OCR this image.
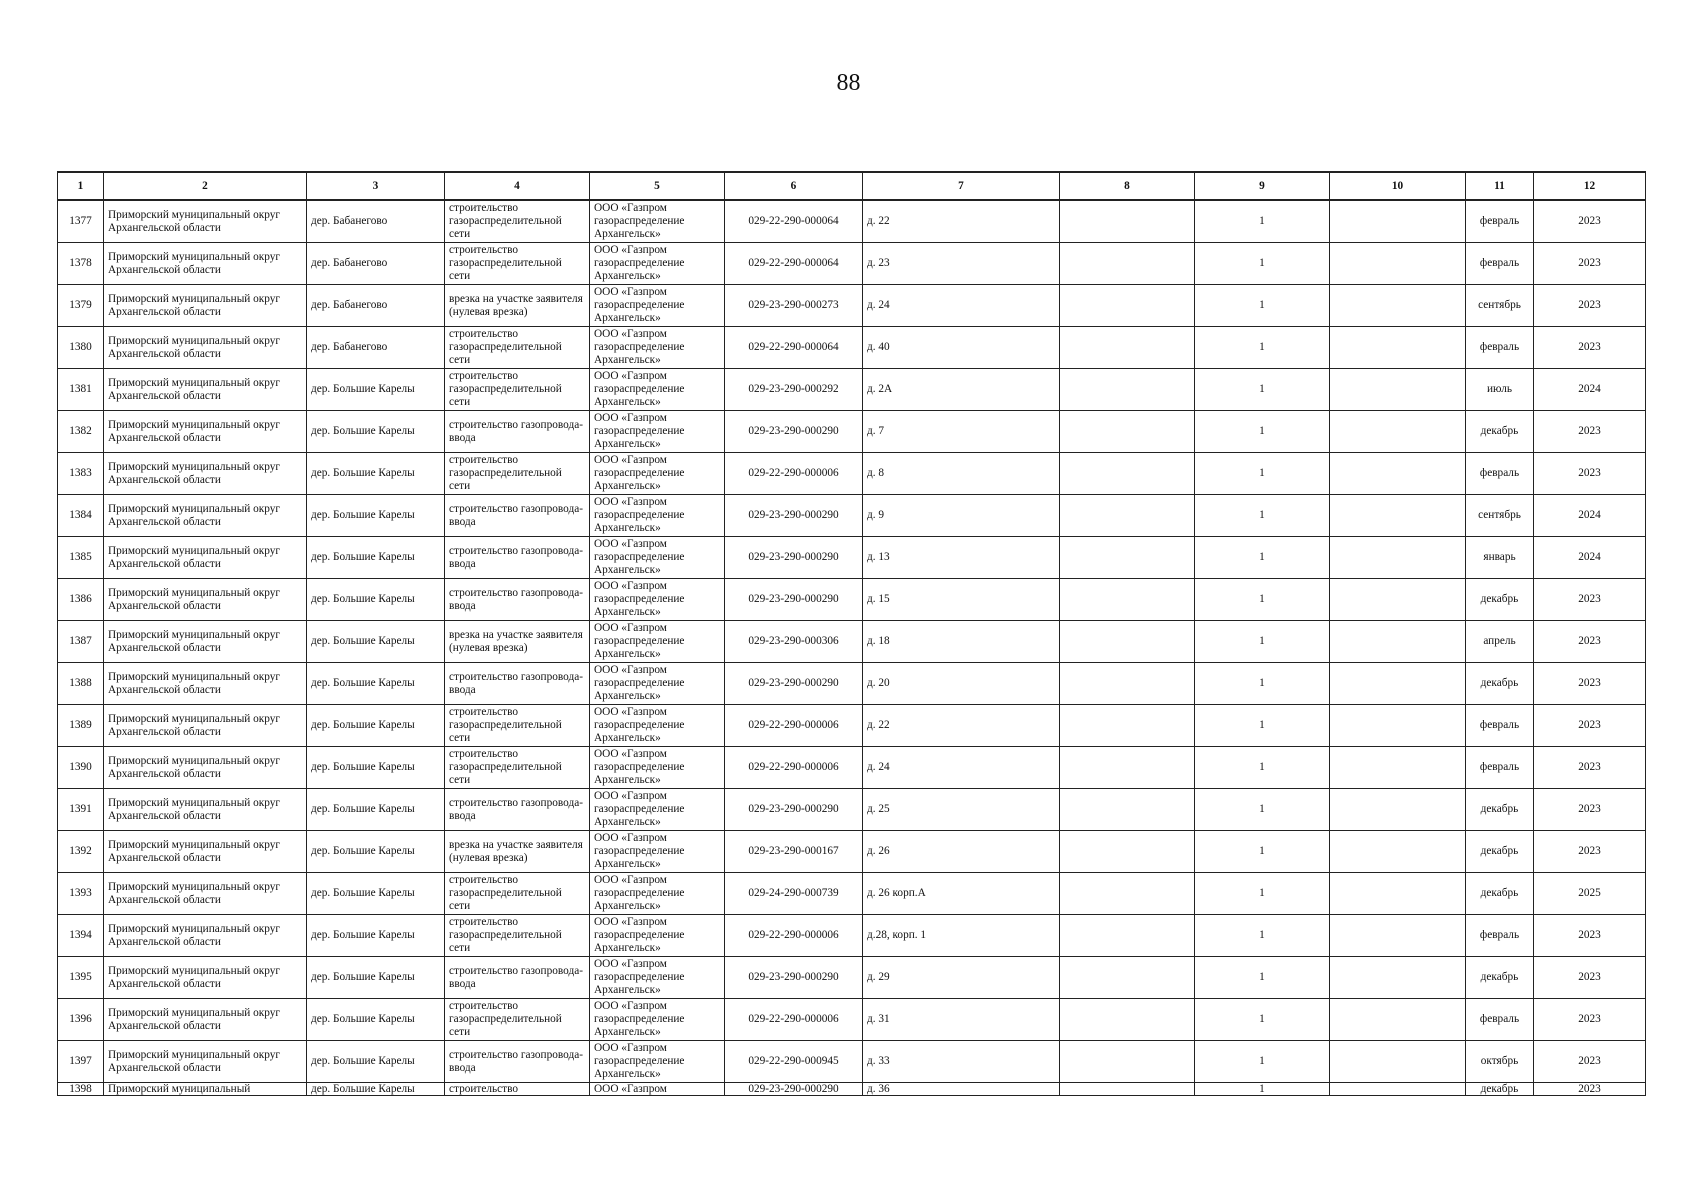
88
1	2	3	4	5	6	7	8	9	10	11	12
1377	Приморский муниципальный округ Архангельской области	дер. Бабанегово	строительство газораспределительной сети	ООО «Газпром газораспределение Архангельск»	029-22-290-000064	д. 22		1		февраль	2023
1378	Приморский муниципальный округ Архангельской области	дер. Бабанегово	строительство газораспределительной сети	ООО «Газпром газораспределение Архангельск»	029-22-290-000064	д. 23		1		февраль	2023
1379	Приморский муниципальный округ Архангельской области	дер. Бабанегово	врезка на участке заявителя (нулевая врезка)	ООО «Газпром газораспределение Архангельск»	029-23-290-000273	д. 24		1		сентябрь	2023
1380	Приморский муниципальный округ Архангельской области	дер. Бабанегово	строительство газораспределительной сети	ООО «Газпром газораспределение Архангельск»	029-22-290-000064	д. 40		1		февраль	2023
1381	Приморский муниципальный округ Архангельской области	дер. Большие Карелы	строительство газораспределительной сети	ООО «Газпром газораспределение Архангельск»	029-23-290-000292	д. 2А		1		июль	2024
1382	Приморский муниципальный округ Архангельской области	дер. Большие Карелы	строительство газопровода-ввода	ООО «Газпром газораспределение Архангельск»	029-23-290-000290	д. 7		1		декабрь	2023
1383	Приморский муниципальный округ Архангельской области	дер. Большие Карелы	строительство газораспределительной сети	ООО «Газпром газораспределение Архангельск»	029-22-290-000006	д. 8		1		февраль	2023
1384	Приморский муниципальный округ Архангельской области	дер. Большие Карелы	строительство газопровода-ввода	ООО «Газпром газораспределение Архангельск»	029-23-290-000290	д. 9		1		сентябрь	2024
1385	Приморский муниципальный округ Архангельской области	дер. Большие Карелы	строительство газопровода-ввода	ООО «Газпром газораспределение Архангельск»	029-23-290-000290	д. 13		1		январь	2024
1386	Приморский муниципальный округ Архангельской области	дер. Большие Карелы	строительство газопровода-ввода	ООО «Газпром газораспределение Архангельск»	029-23-290-000290	д. 15		1		декабрь	2023
1387	Приморский муниципальный округ Архангельской области	дер. Большие Карелы	врезка на участке заявителя (нулевая врезка)	ООО «Газпром газораспределение Архангельск»	029-23-290-000306	д. 18		1		апрель	2023
1388	Приморский муниципальный округ Архангельской области	дер. Большие Карелы	строительство газопровода-ввода	ООО «Газпром газораспределение Архангельск»	029-23-290-000290	д. 20		1		декабрь	2023
1389	Приморский муниципальный округ Архангельской области	дер. Большие Карелы	строительство газораспределительной сети	ООО «Газпром газораспределение Архангельск»	029-22-290-000006	д. 22		1		февраль	2023
1390	Приморский муниципальный округ Архангельской области	дер. Большие Карелы	строительство газораспределительной сети	ООО «Газпром газораспределение Архангельск»	029-22-290-000006	д. 24		1		февраль	2023
1391	Приморский муниципальный округ Архангельской области	дер. Большие Карелы	строительство газопровода-ввода	ООО «Газпром газораспределение Архангельск»	029-23-290-000290	д. 25		1		декабрь	2023
1392	Приморский муниципальный округ Архангельской области	дер. Большие Карелы	врезка на участке заявителя (нулевая врезка)	ООО «Газпром газораспределение Архангельск»	029-23-290-000167	д. 26		1		декабрь	2023
1393	Приморский муниципальный округ Архангельской области	дер. Большие Карелы	строительство газораспределительной сети	ООО «Газпром газораспределение Архангельск»	029-24-290-000739	д. 26 корп.А		1		декабрь	2025
1394	Приморский муниципальный округ Архангельской области	дер. Большие Карелы	строительство газораспределительной сети	ООО «Газпром газораспределение Архангельск»	029-22-290-000006	д.28, корп. 1		1		февраль	2023
1395	Приморский муниципальный округ Архангельской области	дер. Большие Карелы	строительство газопровода-ввода	ООО «Газпром газораспределение Архангельск»	029-23-290-000290	д. 29		1		декабрь	2023
1396	Приморский муниципальный округ Архангельской области	дер. Большие Карелы	строительство газораспределительной сети	ООО «Газпром газораспределение Архангельск»	029-22-290-000006	д. 31		1		февраль	2023
1397	Приморский муниципальный округ Архангельской области	дер. Большие Карелы	строительство газопровода-ввода	ООО «Газпром газораспределение Архангельск»	029-22-290-000945	д. 33		1		октябрь	2023
1398	Приморский муниципальный	дер. Большие Карелы	строительство	ООО «Газпром	029-23-290-000290	д. 36		1		декабрь	2023
